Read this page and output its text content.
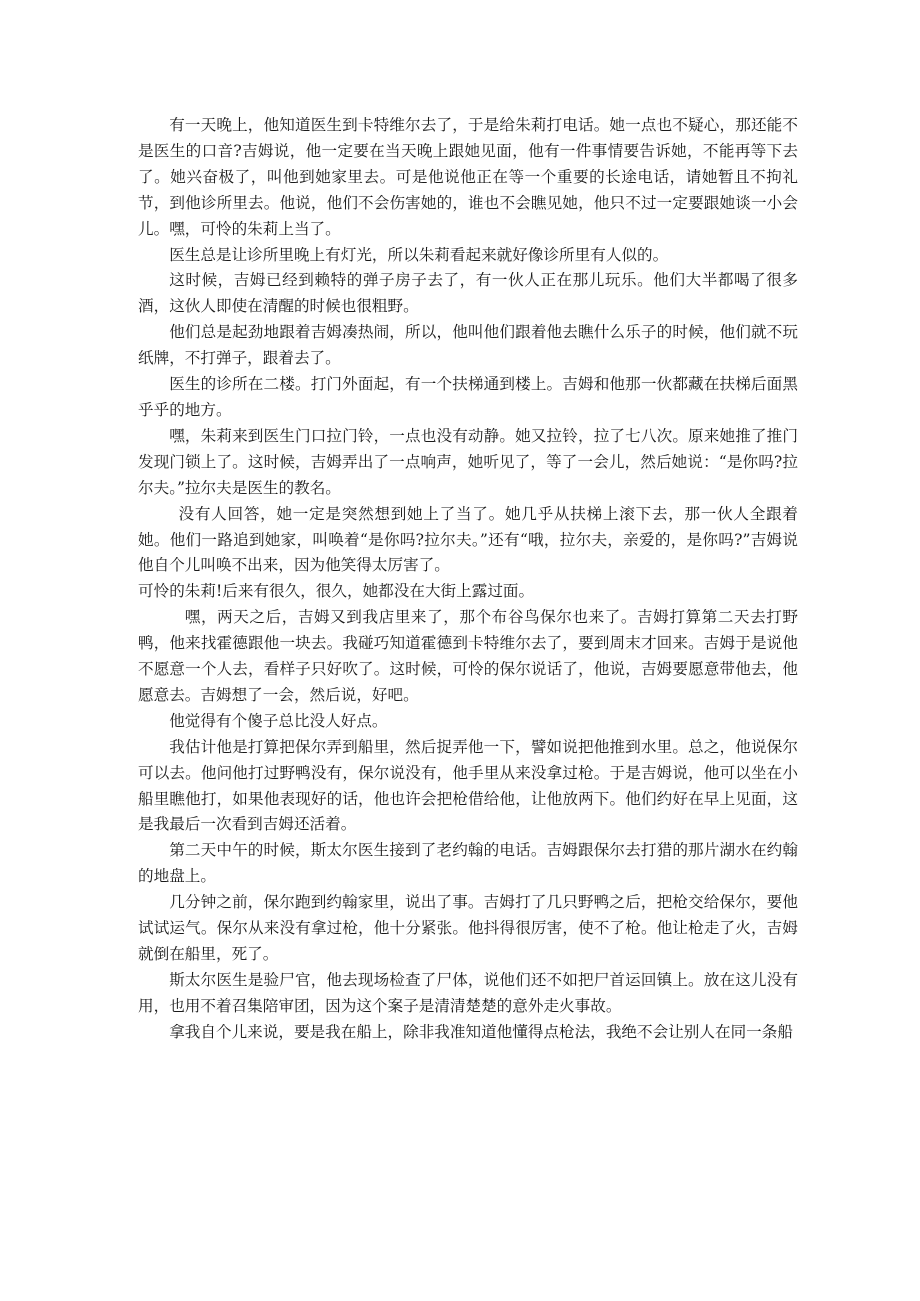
有一天晚上，他知道医生到卡特维尔去了，于是给朱莉打电话。她一点也不疑心，那还能不是医生的口音?吉姆说，他一定要在当天晚上跟她见面，他有一件事情要告诉她，不能再等下去了。她兴奋极了，叫他到她家里去。可是他说他正在等一个重要的长途电话，请她暂且不拘礼节，到他诊所里去。他说，他们不会伤害她的，谁也不会瞧见她，他只不过一定要跟她谈一小会儿。嘿，可怜的朱莉上当了。

医生总是让诊所里晚上有灯光，所以朱莉看起来就好像诊所里有人似的。

这时候，吉姆已经到赖特的弹子房子去了，有一伙人正在那儿玩乐。他们大半都喝了很多酒，这伙人即使在清醒的时候也很粗野。

他们总是起劲地跟着吉姆凑热闹，所以，他叫他们跟着他去瞧什么乐子的时候，他们就不玩纸牌，不打弹子，跟着去了。

医生的诊所在二楼。打门外面起，有一个扶梯通到楼上。吉姆和他那一伙都藏在扶梯后面黑乎乎的地方。

嘿，朱莉来到医生门口拉门铃，一点也没有动静。她又拉铃，拉了七八次。原来她推了推门发现门锁上了。这时候，吉姆弄出了一点响声，她听见了，等了一会儿，然后她说：“是你吗?拉尔夫。”拉尔夫是医生的教名。

没有人回答，她一定是突然想到她上了当了。她几乎从扶梯上滚下去，那一伙人全跟着她。他们一路追到她家，叫唤着“是你吗?拉尔夫。”还有“哦，拉尔夫，亲爱的，是你吗?”吉姆说他自个儿叫唤不出来，因为他笑得太厉害了。

可怜的朱莉!后来有很久，很久，她都没在大街上露过面。

嘿，两天之后，吉姆又到我店里来了，那个布谷鸟保尔也来了。吉姆打算第二天去打野鸭，他来找霍德跟他一块去。我碰巧知道霍德到卡特维尔去了，要到周末才回来。吉姆于是说他不愿意一个人去，看样子只好吹了。这时候，可怜的保尔说话了，他说，吉姆要愿意带他去，他愿意去。吉姆想了一会，然后说，好吧。

他觉得有个傻子总比没人好点。

我估计他是打算把保尔弄到船里，然后捉弄他一下，譬如说把他推到水里。总之，他说保尔可以去。他问他打过野鸭没有，保尔说没有，他手里从来没拿过枪。于是吉姆说，他可以坐在小船里瞧他打，如果他表现好的话，他也许会把枪借给他，让他放两下。他们约好在早上见面，这是我最后一次看到吉姆还活着。

第二天中午的时候，斯太尔医生接到了老约翰的电话。吉姆跟保尔去打猎的那片湖水在约翰的地盘上。

几分钟之前，保尔跑到约翰家里，说出了事。吉姆打了几只野鸭之后，把枪交给保尔，要他试试运气。保尔从来没有拿过枪，他十分紧张。他抖得很厉害，使不了枪。他让枪走了火，吉姆就倒在船里，死了。

斯太尔医生是验尸官，他去现场检查了尸体，说他们还不如把尸首运回镇上。放在这儿没有用，也用不着召集陪审团，因为这个案子是清清楚楚的意外走火事故。

拿我自个儿来说，要是我在船上，除非我准知道他懂得点枪法，我绝不会让别人在同一条船
